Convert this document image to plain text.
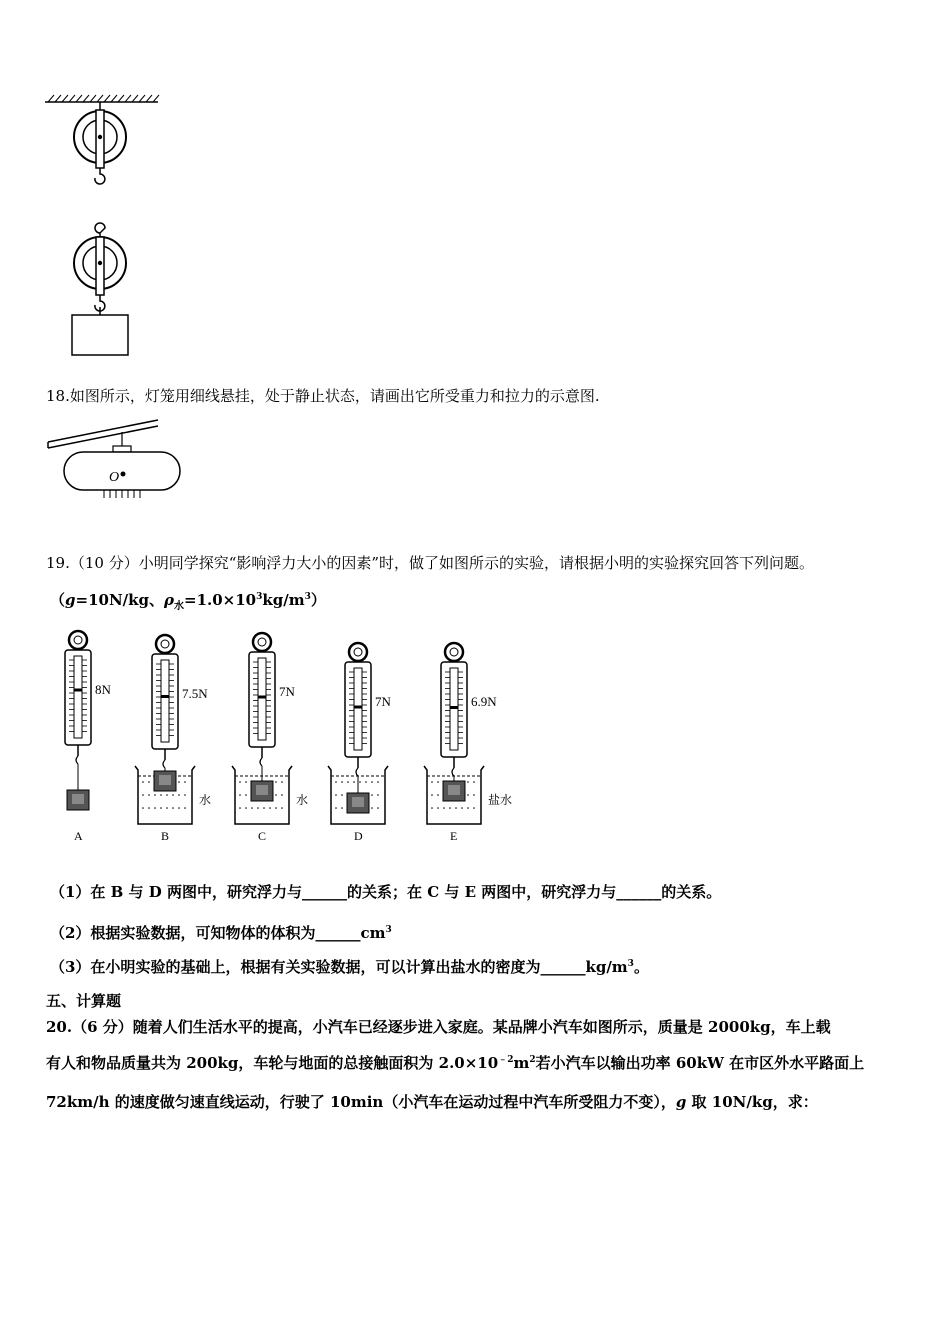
18.如图所示，灯笼用细线悬挂，处于静止状态，请画出它所受重力和拉力的示意图.
O
19.（10 分）小明同学探究“影响浮力大小的因素”时，做了如图所示的实验，请根据小明的实验探究回答下列问题。
（g=10N/kg、$\rho_水=1.0\times 10^3kg/m^3$）
8N
A
7.5N
水
B
7N
水
C
7N
D
6.9N
盐水
E
（1）在 B 与 D 两图中，研究浮力与______的关系；在 C 与 E 两图中，研究浮力与______的关系。
（2）根据实验数据，可知物体的体积为$\_\_\_\_\_\_cm^3$
（3）在小明实验的基础上，根据有关实验数据，可以计算出盐水的密度为$\_\_\_\_\_\_kg/m^3$。
五、计算题
20.（6 分）随着人们生活水平的提高，小汽车已经逐步进入家庭。某品牌小汽车如图所示，质量是 2000kg，车上载
有人和物品质量共为 200kg，车轮与地面的总接触面积为 $2.0\times 10^{﹣2}m^2$若小汽车以输出功率 60kW 在市区外水平路面上
72km/h 的速度做匀速直线运动，行驶了 10min（小汽车在运动过程中汽车所受阻力不变），g 取 10N/kg，求：
